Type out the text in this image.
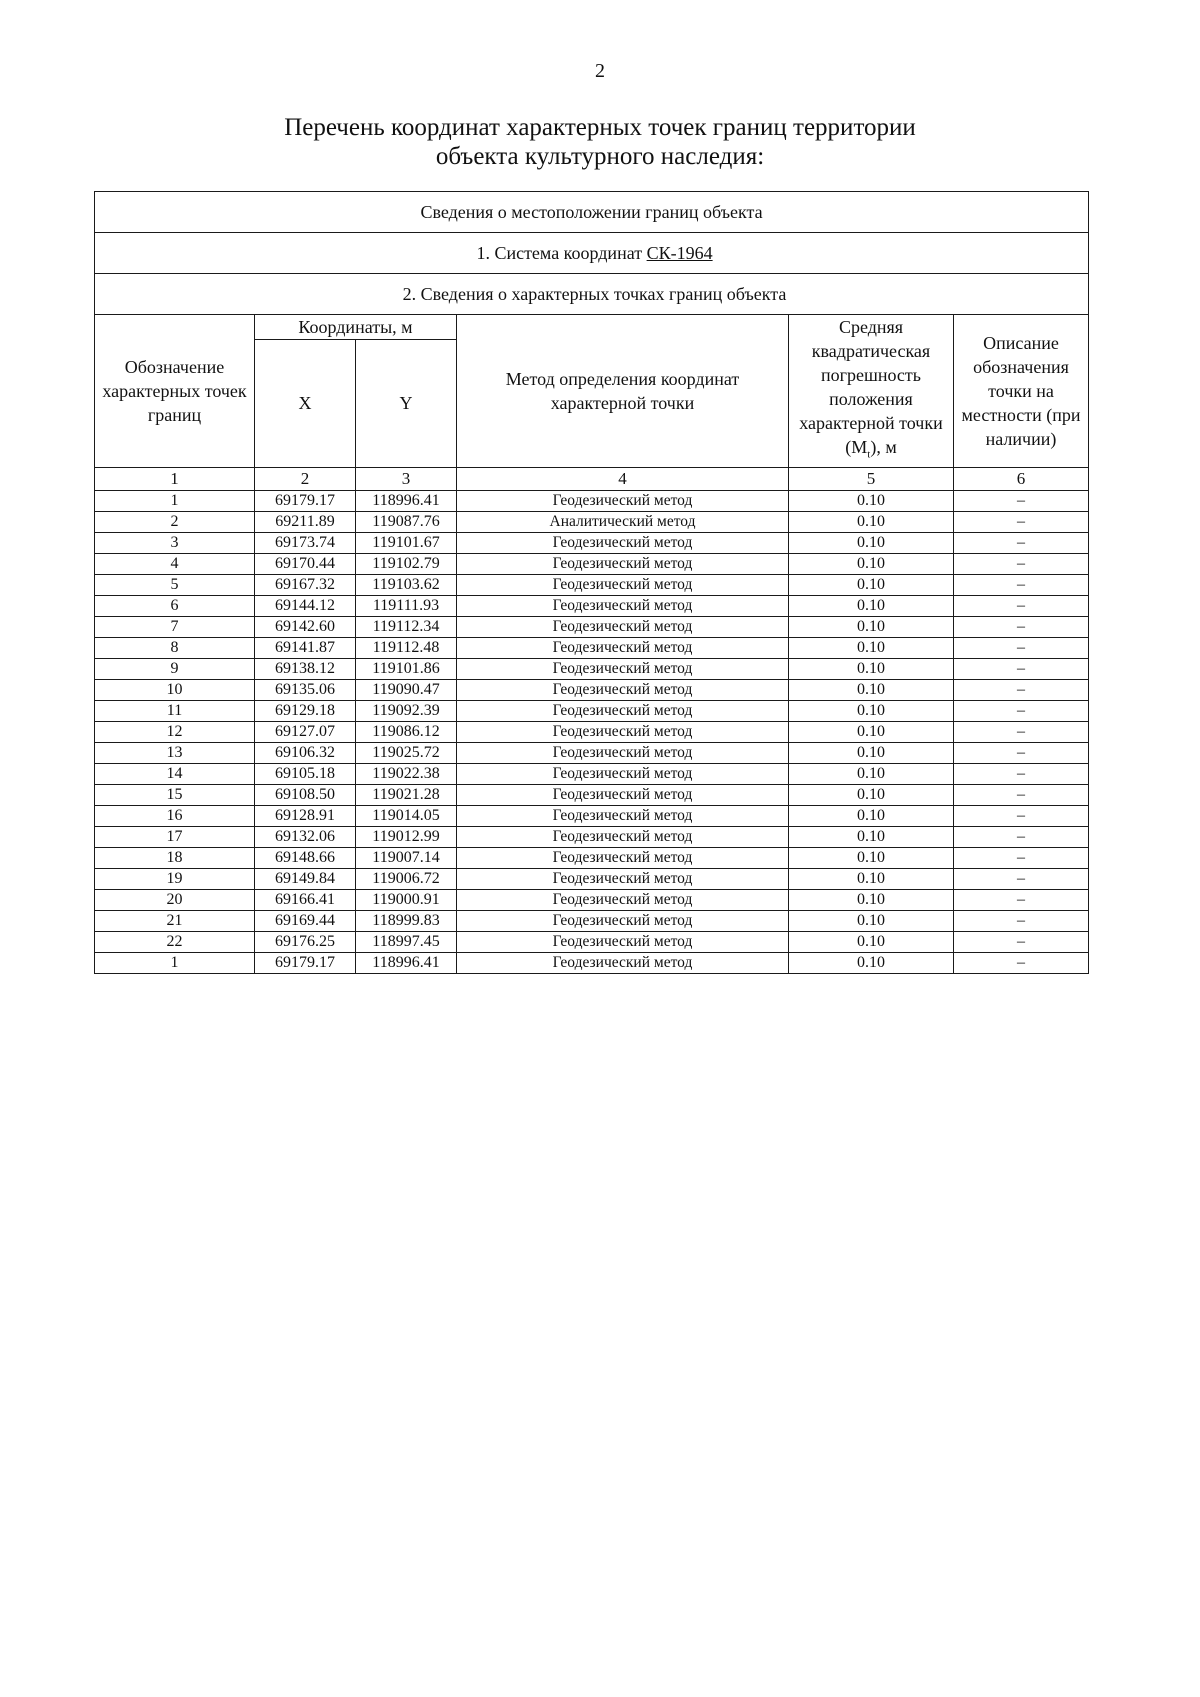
2
Перечень координат характерных точек границ территории
объекта культурного наследия:
Сведения о местоположении границ объекта					
1. Система координат СК-1964					
2. Сведения о характерных точках границ объекта					
Обозначение характерных точек границ	Координаты, м		Метод определения координат характерной точки	Средняя квадратическая погрешность положения характерной точки $(M_t)$, м	Описание обозначения точки на местности (при наличии)
	X	Y			
1	2	3	4	5	6
1	69179.17	118996.41	Геодезический метод	0.10	–
2	69211.89	119087.76	Аналитический метод	0.10	–
3	69173.74	119101.67	Геодезический метод	0.10	–
4	69170.44	119102.79	Геодезический метод	0.10	–
5	69167.32	119103.62	Геодезический метод	0.10	–
6	69144.12	119111.93	Геодезический метод	0.10	–
7	69142.60	119112.34	Геодезический метод	0.10	–
8	69141.87	119112.48	Геодезический метод	0.10	–
9	69138.12	119101.86	Геодезический метод	0.10	–
10	69135.06	119090.47	Геодезический метод	0.10	–
11	69129.18	119092.39	Геодезический метод	0.10	–
12	69127.07	119086.12	Геодезический метод	0.10	–
13	69106.32	119025.72	Геодезический метод	0.10	–
14	69105.18	119022.38	Геодезический метод	0.10	–
15	69108.50	119021.28	Геодезический метод	0.10	–
16	69128.91	119014.05	Геодезический метод	0.10	–
17	69132.06	119012.99	Геодезический метод	0.10	–
18	69148.66	119007.14	Геодезический метод	0.10	–
19	69149.84	119006.72	Геодезический метод	0.10	–
20	69166.41	119000.91	Геодезический метод	0.10	–
21	69169.44	118999.83	Геодезический метод	0.10	–
22	69176.25	118997.45	Геодезический метод	0.10	–
1	69179.17	118996.41	Геодезический метод	0.10	–
